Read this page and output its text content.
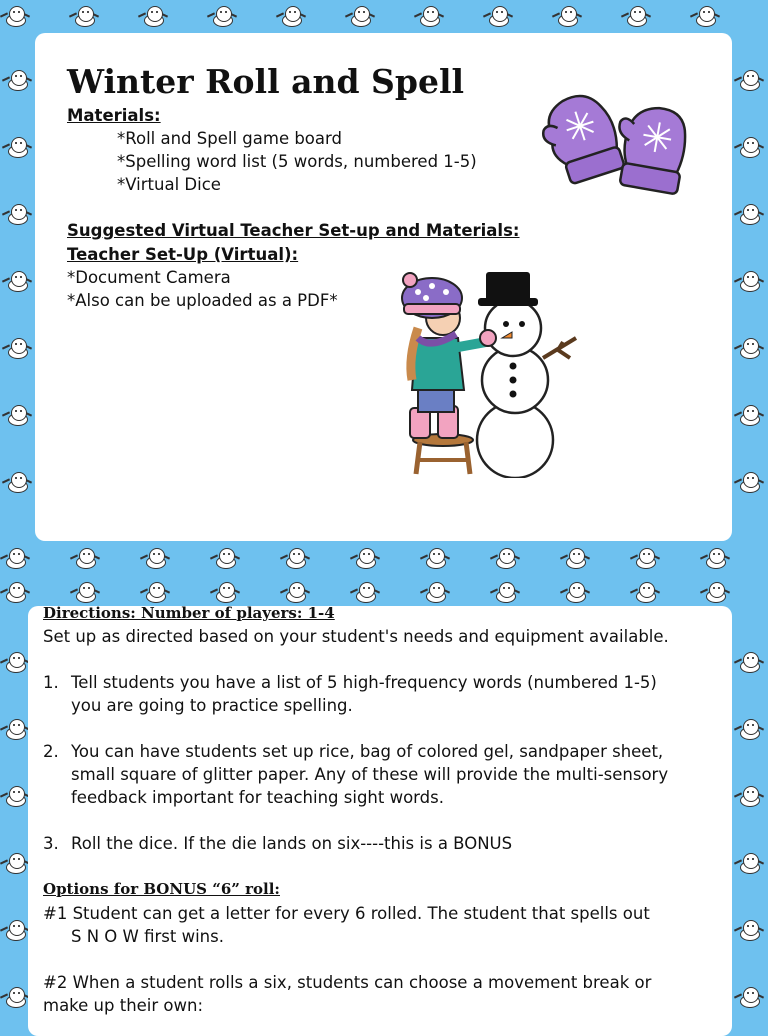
Winter Roll and Spell
Materials:
*Roll and Spell game board
*Spelling word list (5 words, numbered 1-5)
*Virtual Dice
Suggested Virtual Teacher Set-up and Materials:
Teacher Set-Up (Virtual):
*Document Camera
*Also can be uploaded as a PDF*
Directions: Number of players: 1-4
Set up as directed based on your student's needs and equipment available.
1. Tell students you have a list of 5 high-frequency words (numbered 1-5)
you are going to practice spelling.
2. You can have students set up rice, bag of colored gel, sandpaper sheet,
small square of glitter paper. Any of these will provide the multi-sensory
feedback important for teaching sight words.
3. Roll the dice. If the die lands on six----this is a BONUS
Options for BONUS “6” roll:
#1 Student can get a letter for every 6 rolled. The student that spells out
S N O W first wins.
#2 When a student rolls a six, students can choose a movement break or
make up their own:
